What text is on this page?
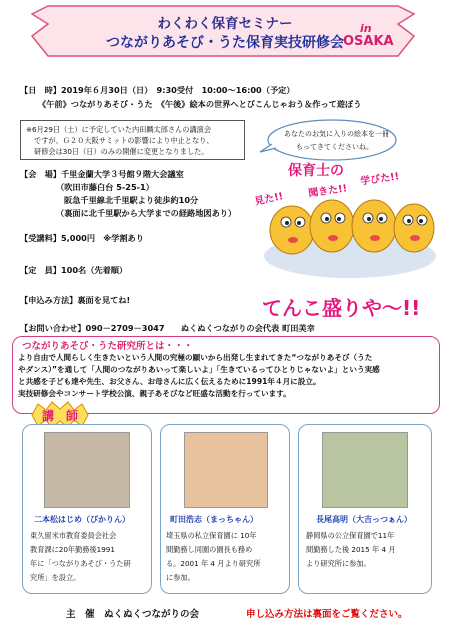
わくわく保育セミナー
つながりあそび・うた保育実技研修会
in
OSAKA
【日　時】2019年６月30日（日）　9:30受付　10:00～16:00（予定）
《午前》つながりあそび・うた　《午後》絵本の世界へとびこんじゃおう＆作って遊ぼう
※6月29日（土）に予定していた内田麟太郎さんの講演会
ですが、Ｇ２０大阪サミットの影響により中止となり、
研修会は30日（日）のみの開催に変更となりました。
あなたのお気に入りの絵本を一冊
もってきてくださいね。
【会　場】千里金蘭大学３号館９階大会議室
（吹田市藤白台 5-25-1）
阪急千里線北千里駅より徒歩約10分
（裏面に北千里駅から大学までの経路地図あり）
保育士の
見た!! 聞きた!!
学びた!!
てんこ盛りや～!!
【受講料】5,000円　※学割あり
【定　員】100名（先着順）
【申込み方法】裏面を見てね!
【お問い合わせ】090－2709－3047　　ぬくぬくつながりの会代表 町田美幸
つながりあそび・うた研究所とは・・・
より自由で人間らしく生きたいという人間の究極の願いから出発し生まれてきた“つながりあそび（うた
やダンス）”を通して「人間のつながりあいって楽しいよ」「生きているってひとりじゃないよ」という実感
と共感を子ども達や先生、お父さん、お母さんに広く伝えるために1991年４月に設立。
実技研修会やコンサート学校公演、親子あそびなど旺盛な活動を行っています。
講　師
二本松はじめ（ぴかりん）
東久留米市教育委員会社会
教育課に20年勤務後1991
年に「つながりあそび・うた研
究所」を設立。
町田浩志（まっちゃん）
埼玉県の私立保育園に 10年
間勤務し同園の園長も務め
る。2001 年 4 月より研究所
に参加。
長尾高明（大吉っつぁん）
静岡県の公立保育園で11年
間勤務した後 2015 年 4 月
より研究所に参加。
主　催　ぬくぬくつながりの会	申し込み方法は裏面をご覧ください。
